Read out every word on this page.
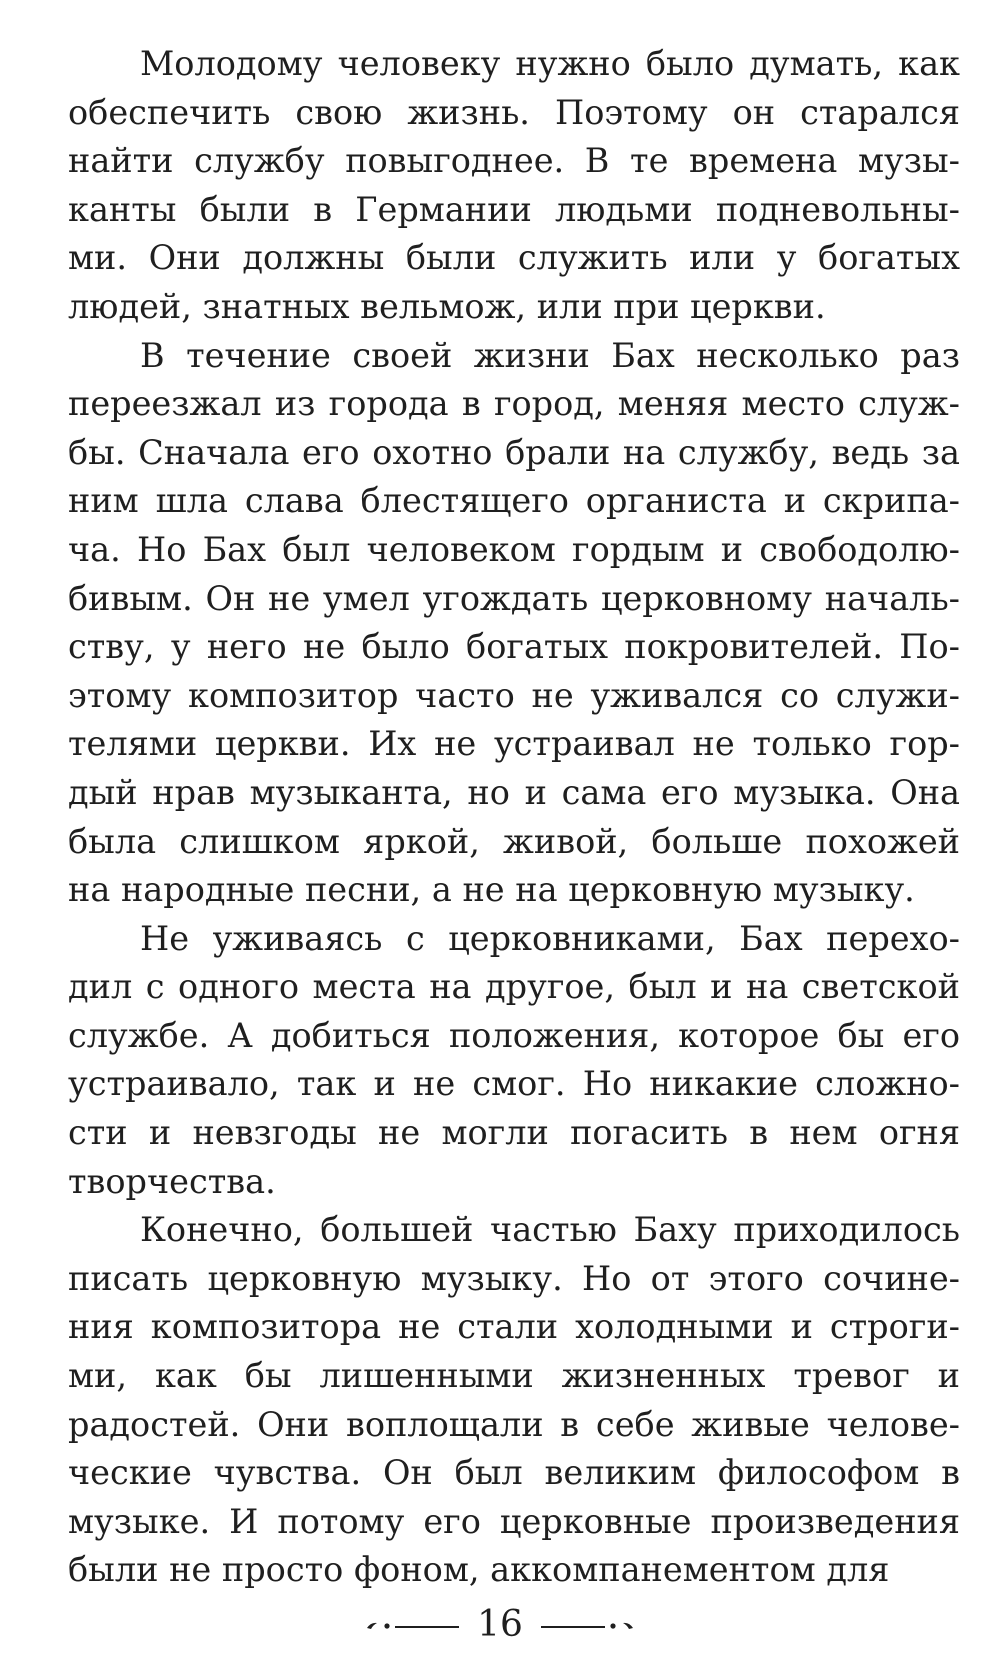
Молодому человеку нужно было думать, как
обеспечить свою жизнь. Поэтому он старался
найти службу повыгоднее. В те времена музы-
канты были в Германии людьми подневольны-
ми. Они должны были служить или у богатых
людей, знатных вельмож, или при церкви.
В течение своей жизни Бах несколько раз
переезжал из города в город, меняя место служ-
бы. Сначала его охотно брали на службу, ведь за
ним шла слава блестящего органиста и скрипа-
ча. Но Бах был человеком гордым и свободолю-
бивым. Он не умел угождать церковному началь-
ству, у него не было богатых покровителей. По-
этому композитор часто не уживался со служи-
телями церкви. Их не устраивал не только гор-
дый нрав музыканта, но и сама его музыка. Она
была слишком яркой, живой, больше похожей
на народные песни, а не на церковную музыку.
Не уживаясь с церковниками, Бах перехо-
дил с одного места на другое, был и на светской
службе. А добиться положения, которое бы его
устраивало, так и не смог. Но никакие сложно-
сти и невзгоды не могли погасить в нем огня
творчества.
Конечно, большей частью Баху приходилось
писать церковную музыку. Но от этого сочине-
ния композитора не стали холодными и строги-
ми, как бы лишенными жизненных тревог и
радостей. Они воплощали в себе живые челове-
ческие чувства. Он был великим философом в
музыке. И потому его церковные произведения
были не просто фоном, аккомпанементом для
16
